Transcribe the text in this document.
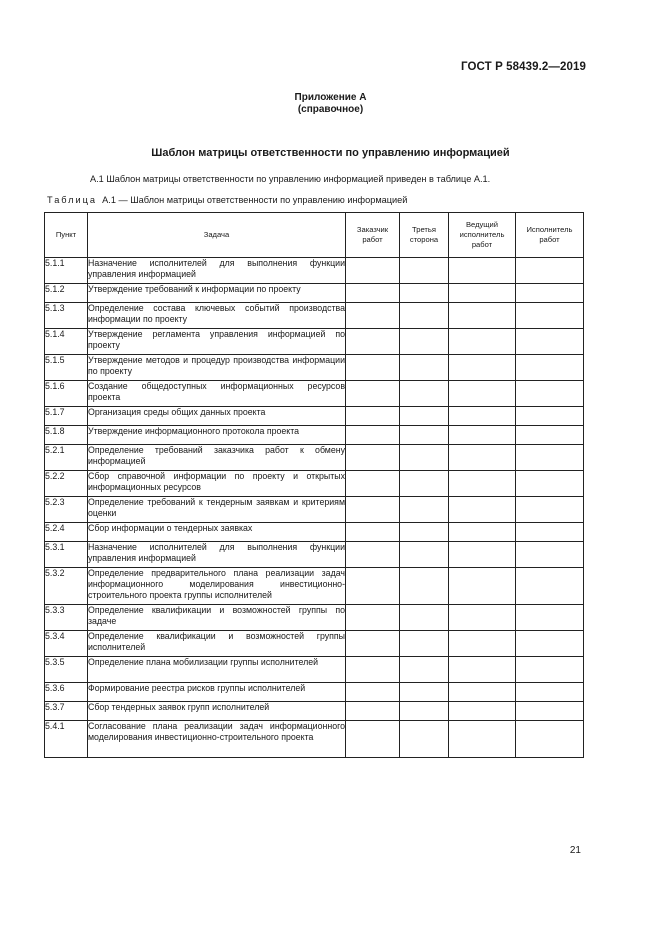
ГОСТ Р 58439.2—2019
Приложение А
(справочное)
Шаблон матрицы ответственности по управлению информацией
А.1 Шаблон матрицы ответственности по управлению информацией приведен в таблице А.1.
Таблица  А.1 — Шаблон матрицы ответственности по управлению информацией
Пункт	Задача	Заказчик работ	Третья сторона	Ведущий исполнитель работ	Исполнитель работ
5.1.1	Назначение исполнителей для выполнения функции управления информацией				
5.1.2	Утверждение требований к информации по проекту				
5.1.3	Определение состава ключевых событий производства информации по проекту				
5.1.4	Утверждение регламента управления информацией по проекту				
5.1.5	Утверждение методов и процедур производства информации по проекту				
5.1.6	Создание общедоступных информационных ресурсов проекта				
5.1.7	Организация среды общих данных проекта				
5.1.8	Утверждение информационного протокола проекта				
5.2.1	Определение требований заказчика работ к обмену информацией				
5.2.2	Сбор справочной информации по проекту и открытых информационных ресурсов				
5.2.3	Определение требований к тендерным заявкам и критериям оценки				
5.2.4	Сбор информации о тендерных заявках				
5.3.1	Назначение исполнителей для выполнения функции управления информацией				
5.3.2	Определение предварительного плана реализации задач информационного моделирования инвестиционно-строительного проекта группы исполнителей				
5.3.3	Определение квалификации и возможностей группы по задаче				
5.3.4	Определение квалификации и возможностей группы исполнителей				
5.3.5	Определение плана мобилизации группы исполнителей				
5.3.6	Формирование реестра рисков группы исполнителей				
5.3.7	Сбор тендерных заявок групп исполнителей				
5.4.1	Согласование плана реализации задач информационного моделирования инвестиционно-строительного проекта				
21
